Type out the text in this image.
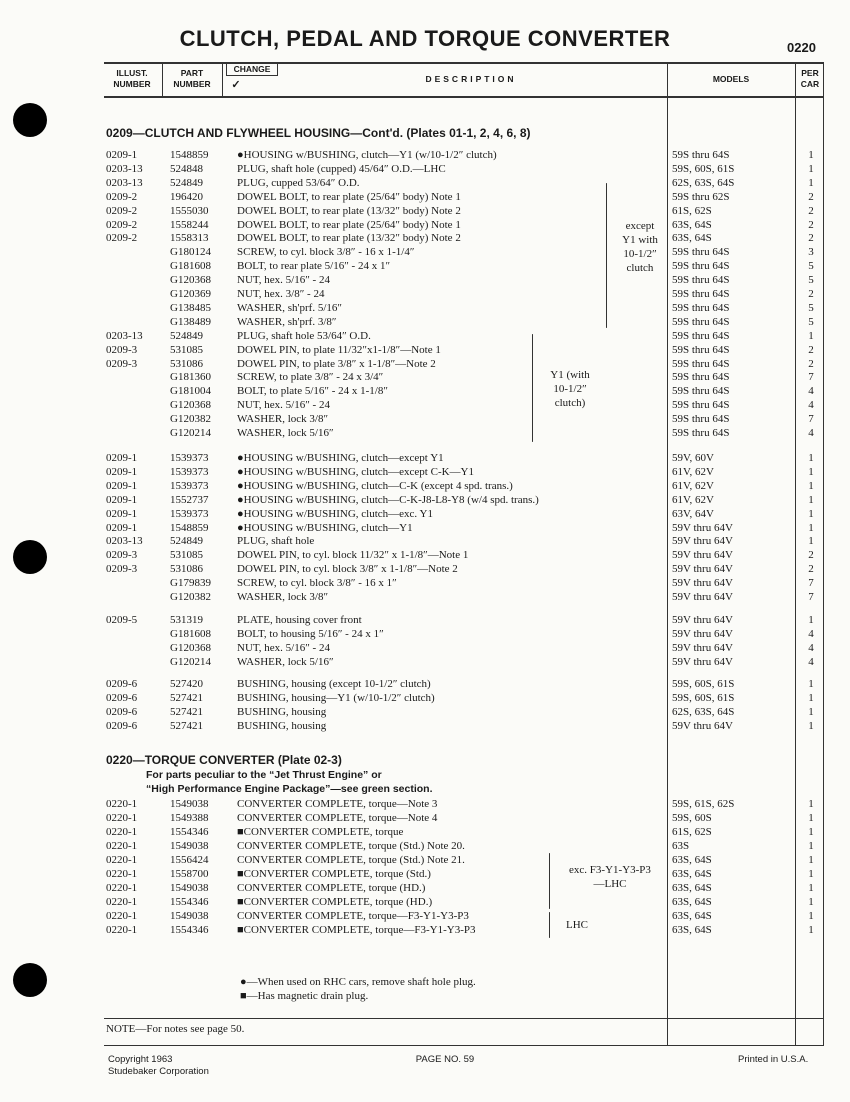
CLUTCH, PEDAL AND TORQUE CONVERTER	0220
ILLUST.
NUMBER
PART
NUMBER
CHANGE
✓	DESCRIPTION	MODELS
PER
CAR
0209—CLUTCH AND FLYWHEEL HOUSING—Cont'd. (Plates 01-1, 2, 4, 6, 8)
0209-1	1548859	●HOUSING w/BUSHING, clutch—Y1 (w/10-1/2″ clutch)	59S thru 64S	1
0203-13 524848	PLUG, shaft hole (cupped) 45/64″ O.D.—LHC	59S, 60S, 61S	1
0203-13 524849	PLUG, cupped 53/64″ O.D.	62S, 63S, 64S	1
0209-2	196420	DOWEL BOLT, to rear plate (25/64″ body) Note 1	59S thru 62S	2
0209-2	1555030	DOWEL BOLT, to rear plate (13/32″ body) Note 2	61S, 62S	2
0209-2	1558244	DOWEL BOLT, to rear plate (25/64″ body) Note 1	63S, 64S	2
0209-2	1558313	DOWEL BOLT, to rear plate (13/32″ body) Note 2	63S, 64S	2
G180124 SCREW, to cyl. block 3/8″ - 16 x 1-1/4″	59S thru 64S	3
G181608 BOLT, to rear plate 5/16″ - 24 x 1″	59S thru 64S	5
G120368 NUT, hex. 5/16″ - 24	59S thru 64S	5
G120369 NUT, hex. 3/8″ - 24	59S thru 64S	2
G138485 WASHER, sh'prf. 5/16″	59S thru 64S	5
G138489 WASHER, sh'prf. 3/8″	59S thru 64S	5
0203-13 524849	PLUG, shaft hole 53/64″ O.D.	59S thru 64S	1
0209-3	531085	DOWEL PIN, to plate 11/32″x1-1/8″—Note 1	59S thru 64S	2
0209-3	531086	DOWEL PIN, to plate 3/8″ x 1-1/8″—Note 2	59S thru 64S	2
G181360 SCREW, to plate 3/8″ - 24 x 3/4″	59S thru 64S	7
G181004 BOLT, to plate 5/16″ - 24 x 1-1/8″	59S thru 64S	4
G120368 NUT, hex. 5/16″ - 24	59S thru 64S	4
G120382 WASHER, lock 3/8″	59S thru 64S	7
G120214 WASHER, lock 5/16″	59S thru 64S	4
0209-1	1539373	●HOUSING w/BUSHING, clutch—except Y1	59V, 60V	1
0209-1	1539373	●HOUSING w/BUSHING, clutch—except C-K—Y1	61V, 62V	1
0209-1	1539373	●HOUSING w/BUSHING, clutch—C-K (except 4 spd. trans.)	61V, 62V	1
0209-1	1552737	●HOUSING w/BUSHING, clutch—C-K-J8-L8-Y8 (w/4 spd. trans.)	61V, 62V	1
0209-1	1539373	●HOUSING w/BUSHING, clutch—exc. Y1	63V, 64V	1
0209-1	1548859	●HOUSING w/BUSHING, clutch—Y1	59V thru 64V	1
0203-13 524849	PLUG, shaft hole	59V thru 64V	1
0209-3	531085	DOWEL PIN, to cyl. block 11/32″ x 1-1/8″—Note 1	59V thru 64V	2
0209-3	531086	DOWEL PIN, to cyl. block 3/8″ x 1-1/8″—Note 2	59V thru 64V	2
G179839 SCREW, to cyl. block 3/8″ - 16 x 1″	59V thru 64V	7
G120382 WASHER, lock 3/8″	59V thru 64V	7
0209-5	531319	PLATE, housing cover front	59V thru 64V	1
G181608 BOLT, to housing 5/16″ - 24 x 1″	59V thru 64V	4
G120368 NUT, hex. 5/16″ - 24	59V thru 64V	4
G120214 WASHER, lock 5/16″	59V thru 64V	4
0209-6	527420	BUSHING, housing (except 10-1/2″ clutch)	59S, 60S, 61S	1
0209-6	527421	BUSHING, housing—Y1 (w/10-1/2″ clutch)	59S, 60S, 61S	1
0209-6	527421	BUSHING, housing	62S, 63S, 64S	1
0209-6	527421	BUSHING, housing	59V thru 64V	1
except
Y1 with
10-1/2″
clutch
Y1 (with
10-1/2″
clutch)
0220—TORQUE CONVERTER (Plate 02-3)
For parts peculiar to the “Jet Thrust Engine” or
“High Performance Engine Package”—see green section.
0220-1	1549038	CONVERTER COMPLETE, torque—Note 3	59S, 61S, 62S	1
0220-1	1549388	CONVERTER COMPLETE, torque—Note 4	59S, 60S	1
0220-1	1554346	■CONVERTER COMPLETE, torque	61S, 62S	1
0220-1	1549038	CONVERTER COMPLETE, torque (Std.) Note 20.	63S	1
0220-1	1556424	CONVERTER COMPLETE, torque (Std.) Note 21.	63S, 64S	1
0220-1	1558700	■CONVERTER COMPLETE, torque (Std.)	63S, 64S	1
0220-1	1549038	CONVERTER COMPLETE, torque (HD.)	63S, 64S	1
0220-1	1554346	■CONVERTER COMPLETE, torque (HD.)	63S, 64S	1
0220-1	1549038	CONVERTER COMPLETE, torque—F3-Y1-Y3-P3	63S, 64S	1
0220-1	1554346	■CONVERTER COMPLETE, torque—F3-Y1-Y3-P3	63S, 64S	1
exc. F3-Y1-Y3-P3
—LHC
LHC
●—When used on RHC cars, remove shaft hole plug.
■—Has magnetic drain plug.
NOTE—For notes see page 50.
Copyright 1963
Studebaker Corporation
PAGE NO. 59	Printed in U.S.A.
